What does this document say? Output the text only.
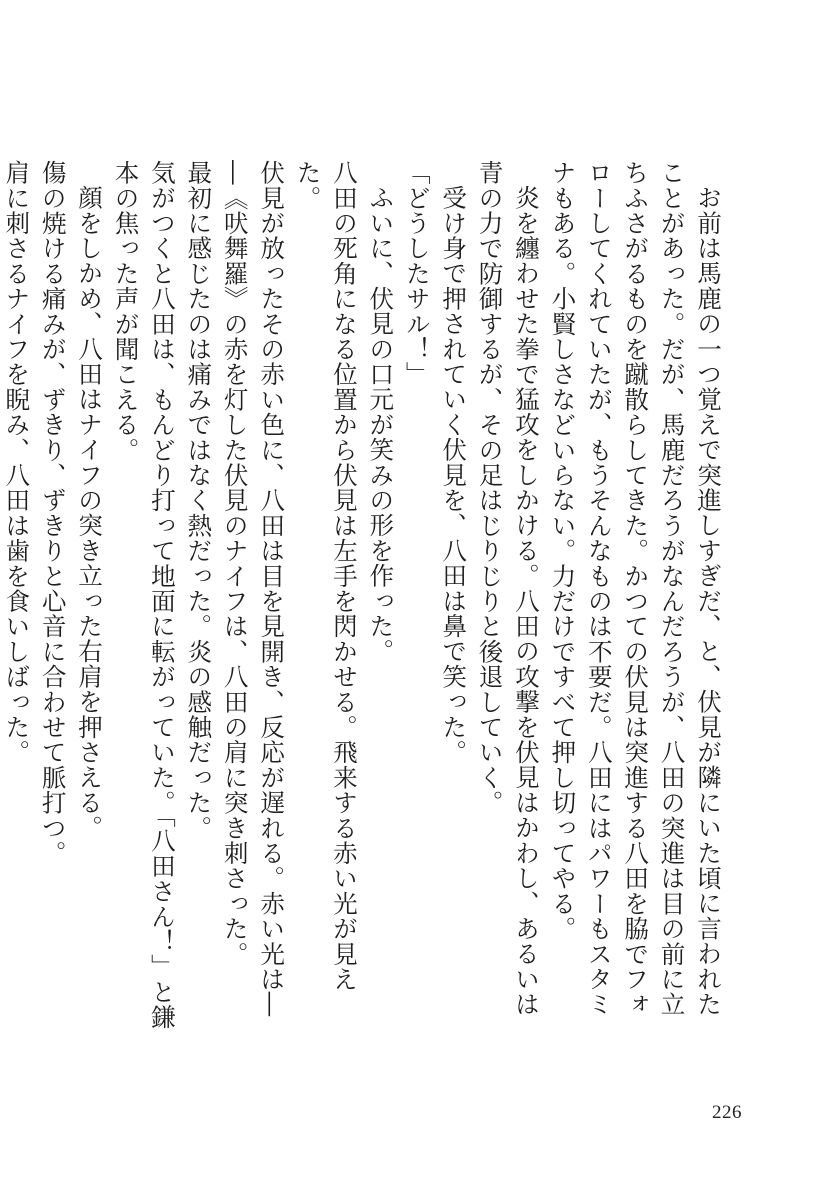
お前は馬鹿の一つ覚えで突進しすぎだ、と、伏見が隣にいた頃に言われたことがあった。だが、馬鹿だろうがなんだろうが、八田の突進は目の前に立ちふさがるものを蹴散らしてきた。かつての伏見は突進する八田を脇でフォローしてくれていたが、もうそんなものは不要だ。八田にはパワーもスタミナもある。小賢しさなどいらない。力だけですべて押し切ってやる。

炎を纏わせた拳で猛攻をしかける。八田の攻撃を伏見はかわし、あるいは青の力で防御するが、その足はじりじりと後退していく。

受け身で押されていく伏見を、八田は鼻で笑った。

「どうしたサル！」

ふいに、伏見の口元が笑みの形を作った。

八田の死角になる位置から伏見は左手を閃かせる。飛来する赤い光が見えた。

伏見が放ったその赤い色に、八田は目を見開き、反応が遅れる。赤い光は――《吠舞羅》の赤を灯した伏見のナイフは、八田の肩に突き刺さった。

最初に感じたのは痛みではなく熱だった。炎の感触だった。

気がつくと八田は、もんどり打って地面に転がっていた。「八田さん！」と鎌本の焦った声が聞こえる。

顔をしかめ、八田はナイフの突き立った右肩を押さえる。

傷の焼ける痛みが、ずきり、ずきりと心音に合わせて脈打つ。

肩に刺さるナイフを睨み、八田は歯を食いしばった。

226
